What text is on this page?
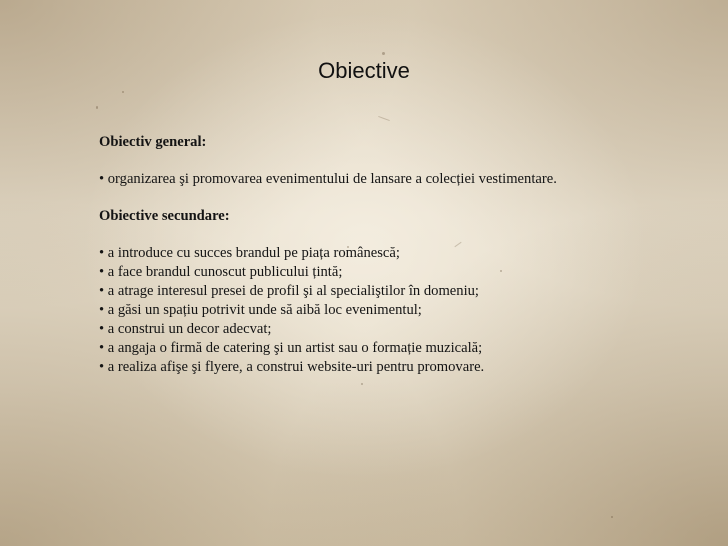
Obiective

Obiectiv general:

• organizarea şi promovarea evenimentului de lansare a colecției vestimentare.

Obiective secundare:

• a introduce cu succes brandul pe piața românescă;
• a face brandul cunoscut publicului țintă;
• a atrage interesul presei de profil şi al specialiştilor în domeniu;
• a găsi un spațiu potrivit unde să aibă loc evenimentul;
• a construi un decor adecvat;
• a angaja o firmă de catering şi un artist sau o formație muzicală;
• a realiza afişe şi flyere, a construi website-uri pentru promovare.
